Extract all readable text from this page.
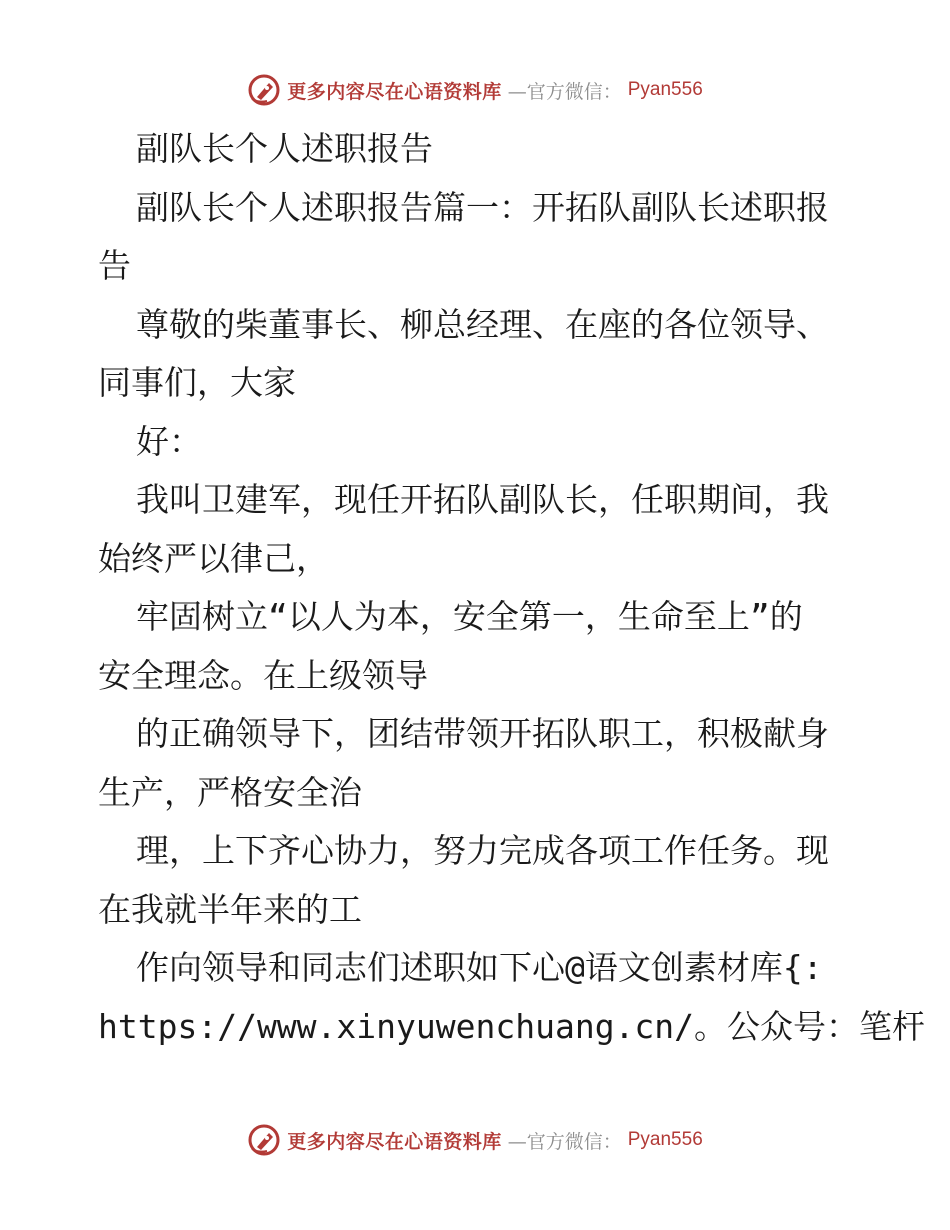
更多内容尽在心语资料库 —官方微信： Pyan556
副队长个人述职报告
副队长个人述职报告篇一：开拓队副队长述职报
告
尊敬的柴董事长、柳总经理、在座的各位领导、
同事们，大家
好：
我叫卫建军，现任开拓队副队长，任职期间，我
始终严以律己，
牢固树立“以人为本，安全第一，生命至上”的
安全理念。在上级领导
的正确领导下，团结带领开拓队职工，积极献身
生产，严格安全治
理，上下齐心协力，努力完成各项工作任务。现
在我就半年来的工
作向领导和同志们述职如下心@语文创素材库{:
https://www.xinyuwenchuang.cn/。公众号：笔杆
更多内容尽在心语资料库 —官方微信： Pyan556
